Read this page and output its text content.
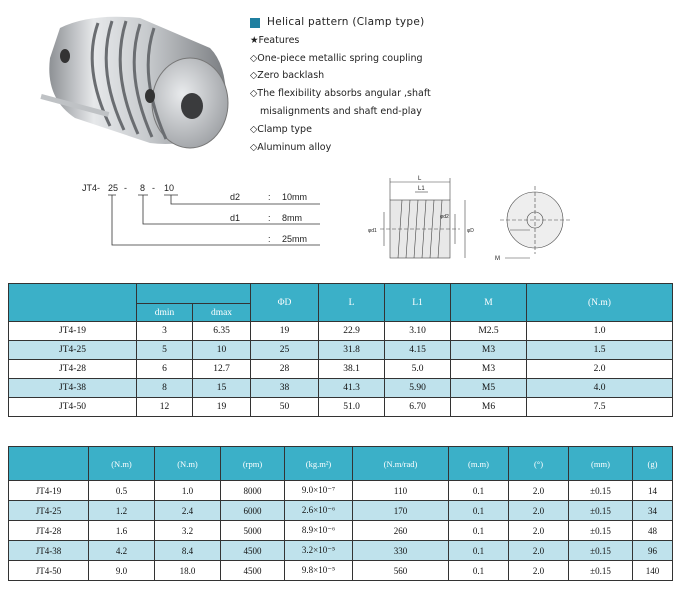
Helical pattern (Clamp type)
★Features
◇One-piece metallic spring coupling
◇Zero backlash
◇The flexibility absorbs angular ,shaft
misalignments and shaft end-play
◇Clamp type
◇Aluminum alloy
JT4- 25 - 8 - 10
d2	: 10mm
d1	: 8mm
: 25mm
L
L1
φd1
φd2
φD
M
			ΦD	L	L1	M	(N.m)
	dmin	dmax					
JT4-19	3	6.35	19	22.9	3.10	M2.5	1.0
JT4-25	5	10	25	31.8	4.15	M3	1.5
JT4-28	6	12.7	28	38.1	5.0	M3	2.0
JT4-38	8	15	38	41.3	5.90	M5	4.0
JT4-50	12	19	50	51.0	6.70	M6	7.5
	(N.m)	(N.m)	(rpm)	(kg.m²)	(N.m/rad)	(m.m)	(°)	(mm)	(g)
JT4-19	0.5	1.0	8000	9.0×10⁻⁷	110	0.1	2.0	±0.15	14
JT4-25	1.2	2.4	6000	2.6×10⁻⁶	170	0.1	2.0	±0.15	34
JT4-28	1.6	3.2	5000	8.9×10⁻⁶	260	0.1	2.0	±0.15	48
JT4-38	4.2	8.4	4500	3.2×10⁻⁵	330	0.1	2.0	±0.15	96
JT4-50	9.0	18.0	4500	9.8×10⁻⁵	560	0.1	2.0	±0.15	140
